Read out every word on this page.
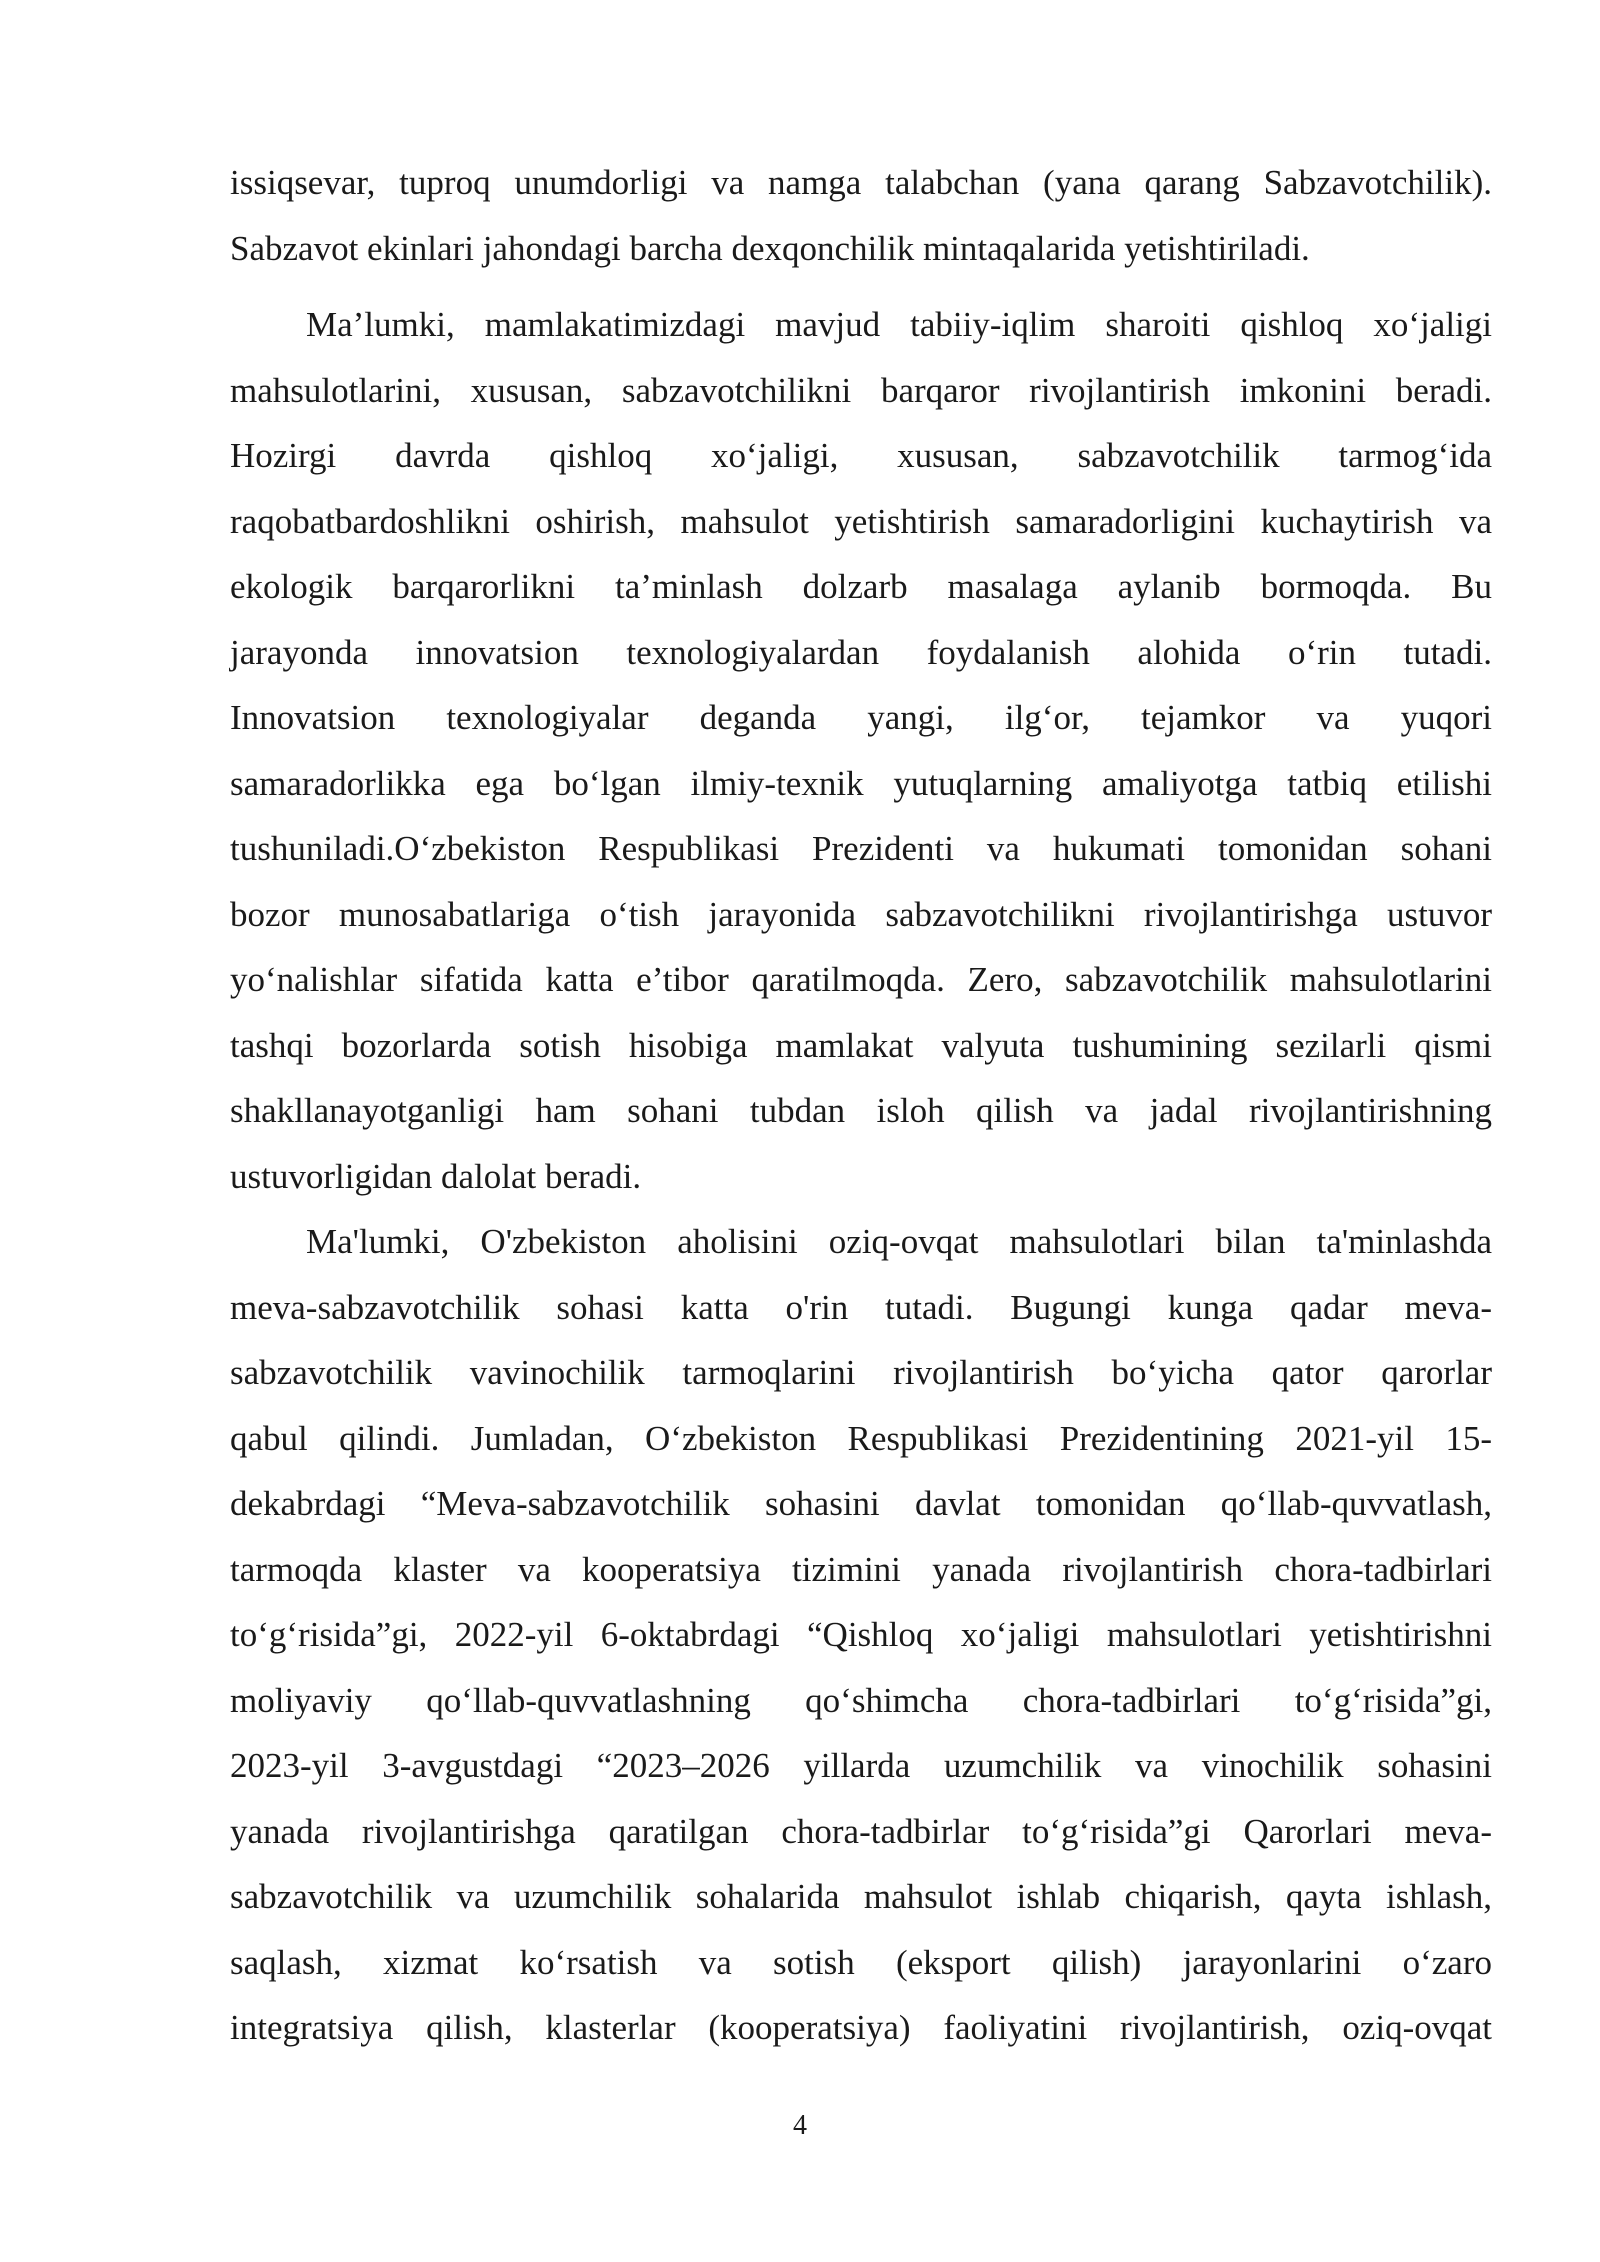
issiqsevar, tuproq unumdorligi va namga talabchan (yana qarang Sabzavotchilik).
Sabzavot ekinlari jahondagi barcha dexqonchilik mintaqalarida yetishtiriladi.
Ma’lumki, mamlakatimizdagi mavjud tabiiy-iqlim sharoiti qishloq xo‘jaligi
mahsulotlarini, xususan, sabzavotchilikni barqaror rivojlantirish imkonini beradi.
Hozirgi davrda qishloq xo‘jaligi, xususan, sabzavotchilik tarmog‘ida
raqobatbardoshlikni oshirish, mahsulot yetishtirish samaradorligini kuchaytirish va
ekologik barqarorlikni ta’minlash dolzarb masalaga aylanib bormoqda. Bu
jarayonda innovatsion texnologiyalardan foydalanish alohida o‘rin tutadi.
Innovatsion texnologiyalar deganda yangi, ilg‘or, tejamkor va yuqori
samaradorlikka ega bo‘lgan ilmiy-texnik yutuqlarning amaliyotga tatbiq etilishi
tushuniladi.O‘zbekiston Respublikasi Prezidenti va hukumati tomonidan sohani
bozor munosabatlariga o‘tish jarayonida sabzavotchilikni rivojlantirishga ustuvor
yo‘nalishlar sifatida katta e’tibor qaratilmoqda. Zero, sabzavotchilik mahsulotlarini
tashqi bozorlarda sotish hisobiga mamlakat valyuta tushumining sezilarli qismi
shakllanayotganligi ham sohani tubdan isloh qilish va jadal rivojlantirishning
ustuvorligidan dalolat beradi.
Ma'lumki, O'zbekiston aholisini oziq-ovqat mahsulotlari bilan ta'minlashda
meva-sabzavotchilik sohasi katta o'rin tutadi. Bugungi kunga qadar meva-
sabzavotchilik vavinochilik tarmoqlarini rivojlantirish bo‘yicha qator qarorlar
qabul qilindi. Jumladan, O‘zbekiston Respublikasi Prezidentining 2021-yil 15-
dekabrdagi “Meva-sabzavotchilik sohasini davlat tomonidan qo‘llab-quvvatlash,
tarmoqda klaster va kooperatsiya tizimini yanada rivojlantirish chora-tadbirlari
to‘g‘risida”gi, 2022-yil 6-oktabrdagi “Qishloq xo‘jaligi mahsulotlari yetishtirishni
moliyaviy qo‘llab-quvvatlashning qo‘shimcha chora-tadbirlari to‘g‘risida”gi,
2023-yil 3-avgustdagi “2023–2026 yillarda uzumchilik va vinochilik sohasini
yanada rivojlantirishga qaratilgan chora-tadbirlar to‘g‘risida”gi Qarorlari meva-
sabzavotchilik va uzumchilik sohalarida mahsulot ishlab chiqarish, qayta ishlash,
saqlash, xizmat ko‘rsatish va sotish (eksport qilish) jarayonlarini o‘zaro
integratsiya qilish, klasterlar (kooperatsiya) faoliyatini rivojlantirish, oziq-ovqat
4
